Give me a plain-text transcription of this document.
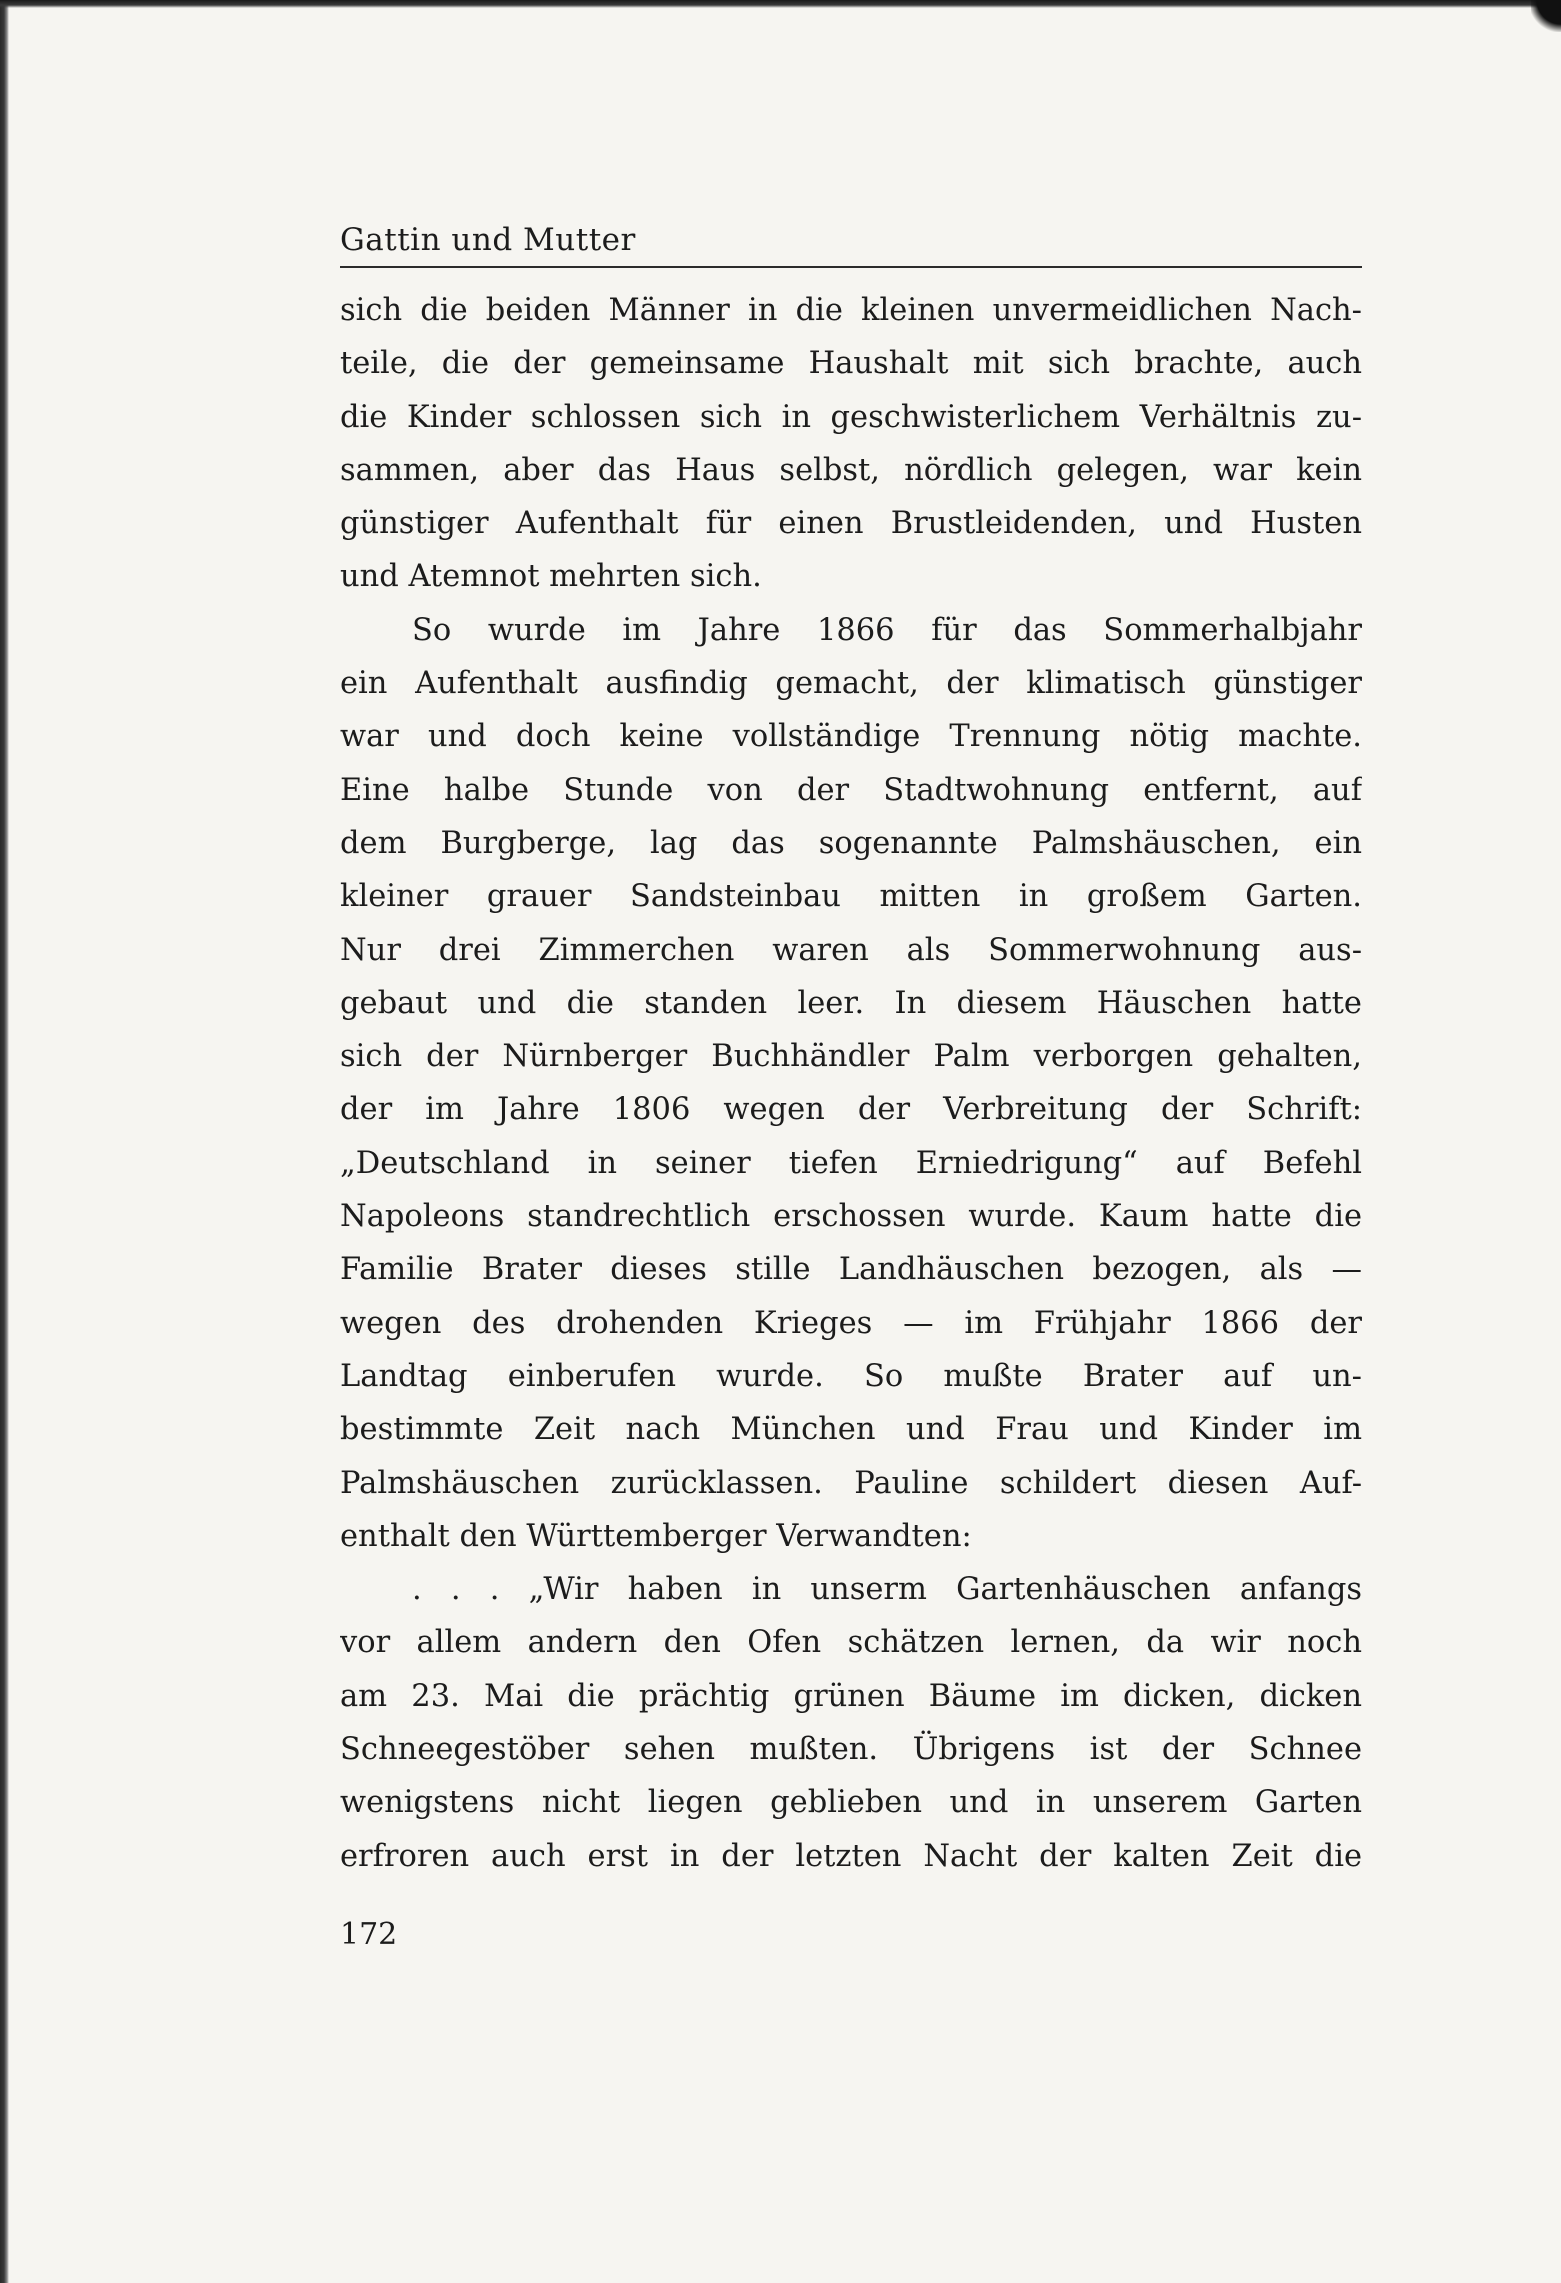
Gattin und Mutter
sich die beiden Männer in die kleinen unvermeidlichen Nach-
teile, die der gemeinsame Haushalt mit sich brachte, auch
die Kinder schlossen sich in geschwisterlichem Verhältnis zu-
sammen, aber das Haus selbst, nördlich gelegen, war kein
günstiger Aufenthalt für einen Brustleidenden, und Husten
und Atemnot mehrten sich.
So wurde im Jahre 1866 für das Sommerhalbjahr
ein Aufenthalt ausfindig gemacht, der klimatisch günstiger
war und doch keine vollständige Trennung nötig machte.
Eine halbe Stunde von der Stadtwohnung entfernt, auf
dem Burgberge, lag das sogenannte Palmshäuschen, ein
kleiner grauer Sandsteinbau mitten in großem Garten.
Nur drei Zimmerchen waren als Sommerwohnung aus-
gebaut und die standen leer. In diesem Häuschen hatte
sich der Nürnberger Buchhändler Palm verborgen gehalten,
der im Jahre 1806 wegen der Verbreitung der Schrift:
„Deutschland in seiner tiefen Erniedrigung“ auf Befehl
Napoleons standrechtlich erschossen wurde. Kaum hatte die
Familie Brater dieses stille Landhäuschen bezogen, als —
wegen des drohenden Krieges — im Frühjahr 1866 der
Landtag einberufen wurde. So mußte Brater auf un-
bestimmte Zeit nach München und Frau und Kinder im
Palmshäuschen zurücklassen. Pauline schildert diesen Auf-
enthalt den Württemberger Verwandten:
. . . „Wir haben in unserm Gartenhäuschen anfangs
vor allem andern den Ofen schätzen lernen, da wir noch
am 23. Mai die prächtig grünen Bäume im dicken, dicken
Schneegestöber sehen mußten. Übrigens ist der Schnee
wenigstens nicht liegen geblieben und in unserem Garten
erfroren auch erst in der letzten Nacht der kalten Zeit die
172
